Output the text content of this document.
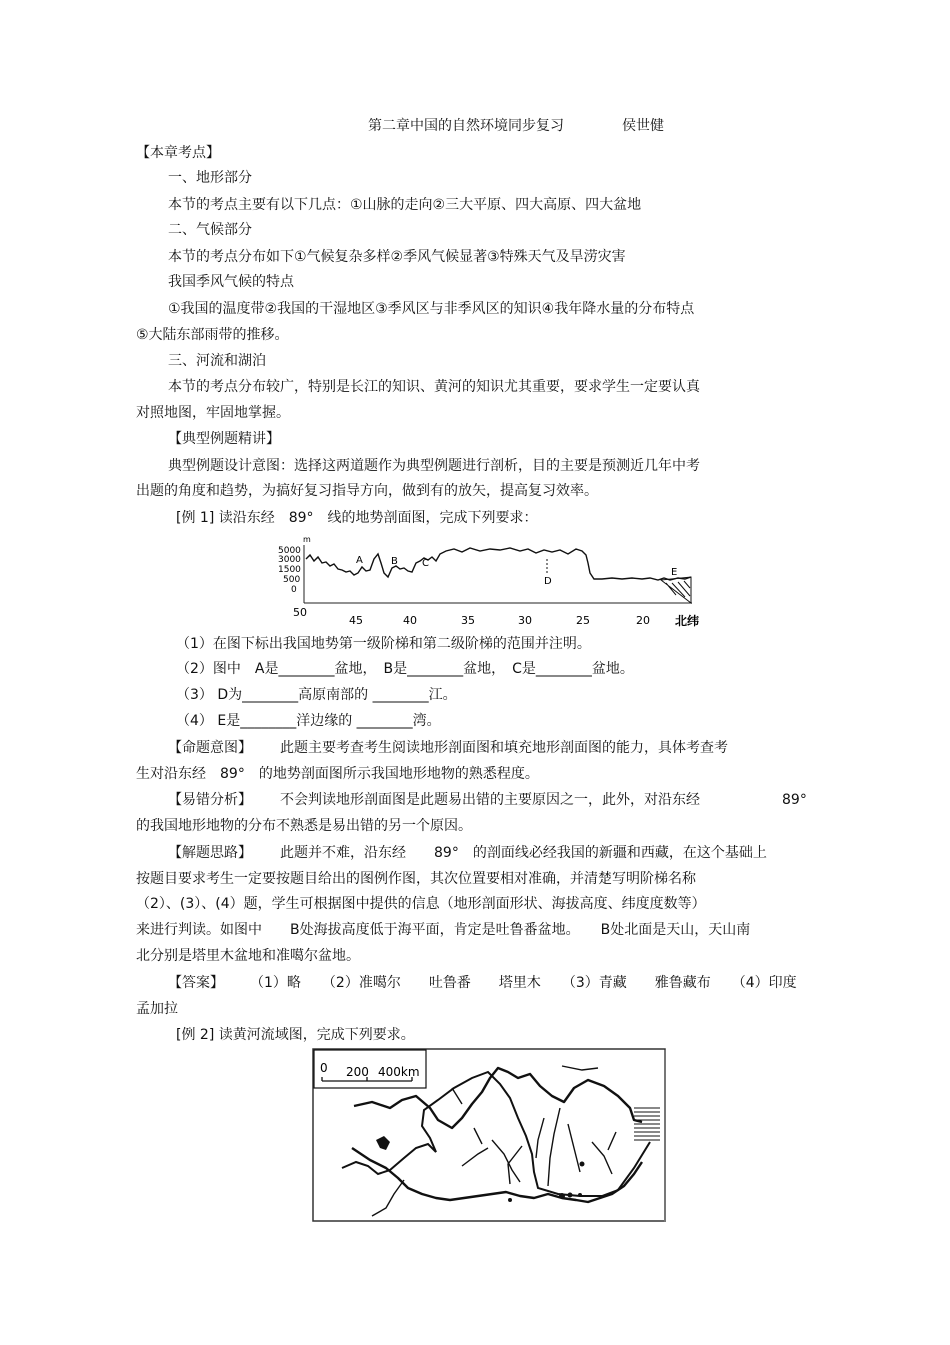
第二章中国的自然环境同步复习	侯世健
【本章考点】
一、地形部分
本节的考点主要有以下几点：①山脉的走向②三大平原、四大高原、四大盆地
二、气候部分
本节的考点分布如下①气候复杂多样②季风气候显著③特殊天气及旱涝灾害
我国季风气候的特点
①我国的温度带②我国的干湿地区③季风区与非季风区的知识④我年降水量的分布特点
⑤大陆东部雨带的推移。
三、河流和湖泊
本节的考点分布较广，特别是长江的知识、黄河的知识尤其重要，要求学生一定要认真
对照地图，牢固地掌握。
【典型例题精讲】
典型例题设计意图：选择这两道题作为典型例题进行剖析，目的主要是预测近几年中考
出题的角度和趋势，为搞好复习指导方向，做到有的放矢，提高复习效率。
[例 1] 读沿东经　89°　线的地势剖面图，完成下列要求：
m
5000
3000
1500
500
0
A	B C
D
E
50
45	40	35	30	25	20 北纬
（1）在图下标出我国地势第一级阶梯和第二级阶梯的范围并注明。
（2）图中　A是________盆地，　B是________盆地，　C是________盆地。
（3） D为________高原南部的 ________江。
（4） E是________洋边缘的 ________湾。
【命题意图】 此题主要考查考生阅读地形剖面图和填充地形剖面图的能力，具体考查考
生对沿东经　89°　的地势剖面图所示我国地形地物的熟悉程度。
【易错分析】 不会判读地形剖面图是此题易出错的主要原因之一，此外，对沿东经	89°
的我国地形地物的分布不熟悉是易出错的另一个原因。
【解题思路】 此题并不难，沿东经　　89°　的剖面线必经我国的新疆和西藏，在这个基础上
按题目要求考生一定要按题目给出的图例作图，其次位置要相对准确，并清楚写明阶梯名称
（2）、(3）、(4）题，学生可根据图中提供的信息（地形剖面形状、海拔高度、纬度度数等）
来进行判读。如图中　　B处海拔高度低于海平面，肯定是吐鲁番盆地。　　B处北面是天山，天山南
北分别是塔里木盆地和准噶尔盆地。
【答案】 （1）略　　（2）准噶尔　　吐鲁番　　塔里木　　（3）青藏　　雅鲁藏布　　（4）印度
孟加拉
[例 2] 读黄河流域图，完成下列要求。
0 200 400km
